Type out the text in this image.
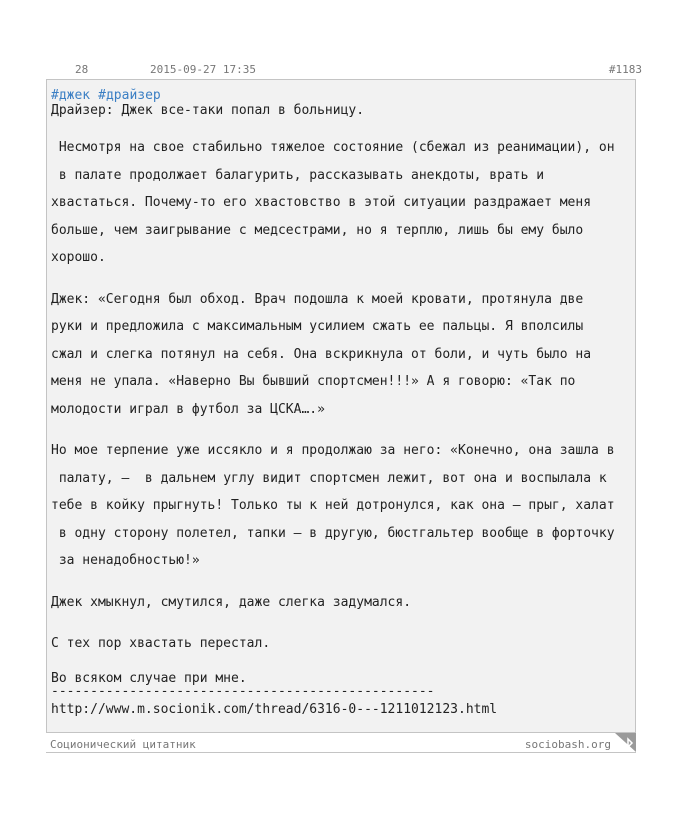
28	2015-09-27 17:35	#1183
#джек #драйзер
Драйзер: Джек все-таки попал в больницу.
Несмотря на свое стабильно тяжелое состояние (сбежал из реанимации), он
в палате продолжает балагурить, рассказывать анекдоты, врать и
хвастаться. Почему-то его хвастовство в этой ситуации раздражает меня
больше, чем заигрывание с медсестрами, но я терплю, лишь бы ему было
хорошо.
Джек: «Сегодня был обход. Врач подошла к моей кровати, протянула две
руки и предложила с максимальным усилием сжать ее пальцы. Я вполсилы
сжал и слегка потянул на себя. Она вскрикнула от боли, и чуть было на
меня не упала. «Наверно Вы бывший спортсмен!!!» А я говорю: «Так по
молодости играл в футбол за ЦСКА….»
Но мое терпение уже иссякло и я продолжаю за него: «Конечно, она зашла в
палату, –  в дальнем углу видит спортсмен лежит, вот она и воспылала к
тебе в койку прыгнуть! Только ты к ней дотронулся, как она – прыг, халат
в одну сторону полетел, тапки – в другую, бюстгальтер вообще в форточку
за ненадобностью!»
Джек хмыкнул, смутился, даже слегка задумался.
С тех пор хвастать перестал.
Во всяком случае при мне.
-------------------------------------------------
http://www.m.socionik.com/thread/6316-0---1211012123.html
Соционический цитатник	sociobash.org
